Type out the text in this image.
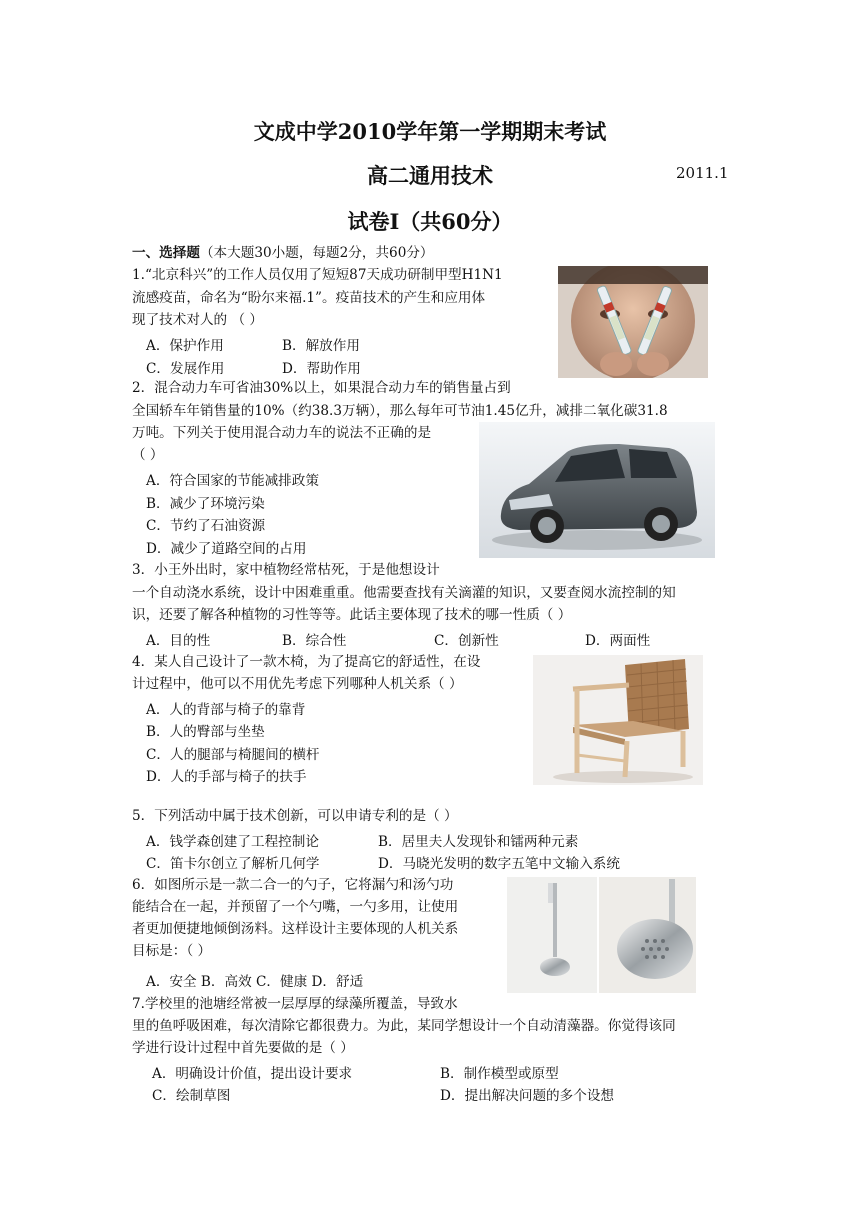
文成中学2010学年第一学期期末考试
高二通用技术	2011.1
试卷Ⅰ（共60分）
一、选择题（本大题30小题，每题2分，共60分）
1.“北京科兴”的工作人员仅用了短短87天成功研制甲型H1N1
流感疫苗，命名为“盼尔来福.1”。疫苗技术的产生和应用体
现了技术对人的 （ ）
A．保护作用	B．解放作用
C．发展作用	D．帮助作用
2．混合动力车可省油30%以上，如果混合动力车的销售量占到
全国轿车年销售量的10%（约38.3万辆），那么每年可节油1.45亿升，减排二氧化碳31.8
万吨。下列关于使用混合动力车的说法不正确的是
（ ）
A．符合国家的节能减排政策
B．减少了环境污染
C．节约了石油资源
D．减少了道路空间的占用
3．小王外出时，家中植物经常枯死，于是他想设计
一个自动浇水系统，设计中困难重重。他需要查找有关滴灌的知识，又要查阅水流控制的知
识，还要了解各种植物的习性等等。此话主要体现了技术的哪一性质（ ）
A．目的性	B．综合性	C．创新性	D．两面性
4．某人自己设计了一款木椅，为了提高它的舒适性，在设
计过程中，他可以不用优先考虑下列哪种人机关系（ ）
A．人的背部与椅子的靠背
B．人的臀部与坐垫
C．人的腿部与椅腿间的横杆
D．人的手部与椅子的扶手
5．下列活动中属于技术创新，可以申请专利的是（ ）
A．钱学森创建了工程控制论	B．居里夫人发现钋和镭两种元素
C．笛卡尔创立了解析几何学	D．马晓光发明的数字五笔中文输入系统
6．如图所示是一款二合一的勺子，它将漏勺和汤勺功
能结合在一起，并预留了一个勺嘴，一勺多用，让使用
者更加便捷地倾倒汤料。这样设计主要体现的人机关系
目标是：（ ）
A．安全 B．高效 C．健康 D．舒适
7.学校里的池塘经常被一层厚厚的绿藻所覆盖，导致水
里的鱼呼吸困难，每次清除它都很费力。为此，某同学想设计一个自动清藻器。你觉得该同
学进行设计过程中首先要做的是（ ）
A．明确设计价值，提出设计要求	B．制作模型或原型
C．绘制草图	D．提出解决问题的多个设想
